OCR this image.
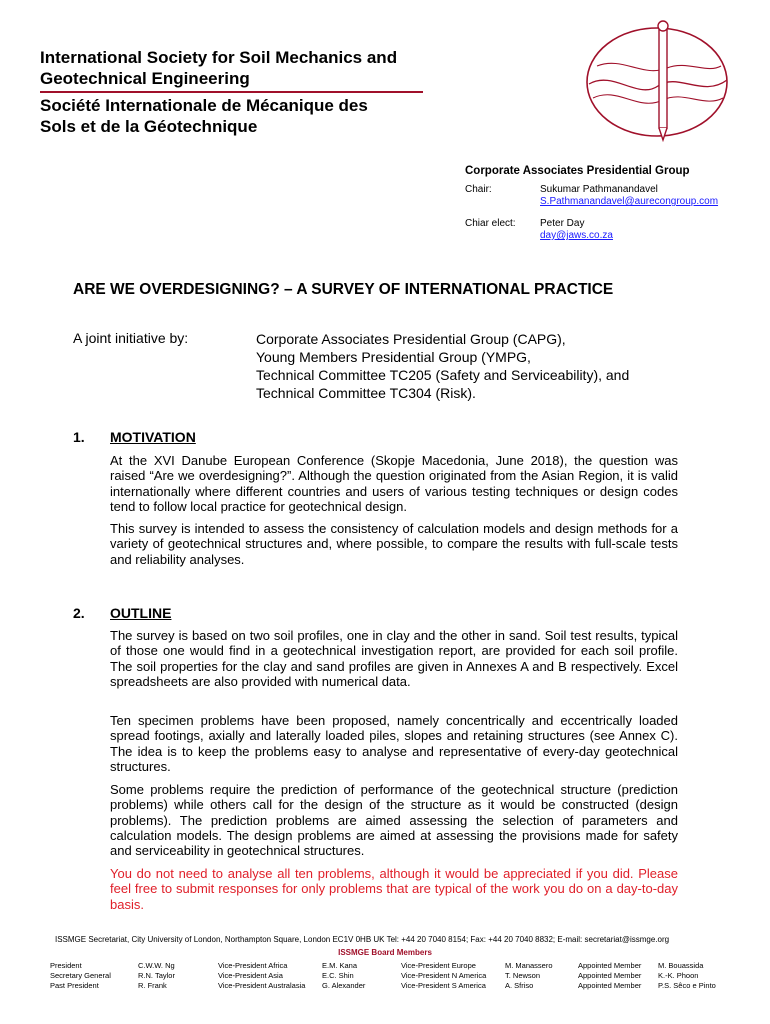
International Society for Soil Mechanics and
Geotechnical Engineering
Société Internationale de Mécanique des
Sols et de la Géotechnique
Corporate Associates Presidential Group
Chair:	Sukumar Pathmanandavel
S.Pathmanandavel@aurecongroup.com
Chiar elect: Peter Day
day@jaws.co.za
ARE WE OVERDESIGNING? – A SURVEY OF INTERNATIONAL PRACTICE
A joint initiative by:	Corporate Associates Presidential Group (CAPG),
Young Members Presidential Group (YMPG,
Technical Committee TC205 (Safety and Serviceability), and
Technical Committee TC304 (Risk).
1. MOTIVATION
At the XVI Danube European Conference (Skopje Macedonia, June 2018), the question was raised “Are we overdesigning?”. Although the question originated from the Asian Region, it is valid internationally where different countries and users of various testing techniques or design codes tend to follow local practice for geotechnical design.
This survey is intended to assess the consistency of calculation models and design methods for a variety of geotechnical structures and, where possible, to compare the results with full-scale tests and reliability analyses.
2. OUTLINE
The survey is based on two soil profiles, one in clay and the other in sand. Soil test results, typical of those one would find in a geotechnical investigation report, are provided for each soil profile. The soil properties for the clay and sand profiles are given in Annexes A and B respectively. Excel spreadsheets are also provided with numerical data.
Ten specimen problems have been proposed, namely concentrically and eccentrically loaded spread footings, axially and laterally loaded piles, slopes and retaining structures (see Annex C). The idea is to keep the problems easy to analyse and representative of every-day geotechnical structures.
Some problems require the prediction of performance of the geotechnical structure (prediction problems) while others call for the design of the structure as it would be constructed (design problems). The prediction problems are aimed assessing the selection of parameters and calculation models. The design problems are aimed at assessing the provisions made for safety and serviceability in geotechnical structures.
You do not need to analyse all ten problems, although it would be appreciated if you did. Please feel free to submit responses for only problems that are typical of the work you do on a day-to-day basis.
ISSMGE Secretariat, City University of London, Northampton Square, London EC1V 0HB UK Tel: +44 20 7040 8154; Fax: +44 20 7040 8832; E-mail: secretariat@issmge.org
ISSMGE Board Members
President
Secretary General
Past President
C.W.W. Ng
R.N. Taylor
R. Frank
Vice-President Africa
Vice-President Asia
Vice-President Australasia
E.M. Kana
E.C. Shin
G. Alexander
Vice-President Europe
Vice-President N America
Vice-President S America
M. Manassero
T. Newson
A. Sfriso
Appointed Member
Appointed Member
Appointed Member
M. Bouassida
K.-K. Phoon
P.S. Sêco e Pinto
